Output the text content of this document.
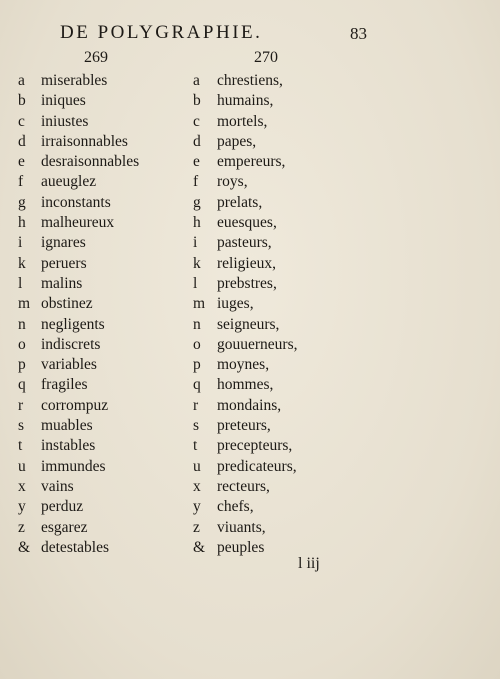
DE POLYGRAPHIE.	83
269	270
a miserables
b iniques
c iniustes
d irraisonnables
e desraisonnables
f aueuglez
g inconstants
h malheureux
i ignares
k peruers
l malins
m obstinez
n negligents
o indiscrets
p variables
q fragiles
r corrompuz
s muables
t instables
u immundes
x vains
y perduz
z esgarez
& detestables
a chrestiens,
b humains,
c mortels,
d papes,
e empereurs,
f roys,
g prelats,
h euesques,
i pasteurs,
k religieux,
l prebstres,
m iuges,
n seigneurs,
o gouuerneurs,
p moynes,
q hommes,
r mondains,
s preteurs,
t precepteurs,
u predicateurs,
x recteurs,
y chefs,
z viuants,
& peuples
l iij
